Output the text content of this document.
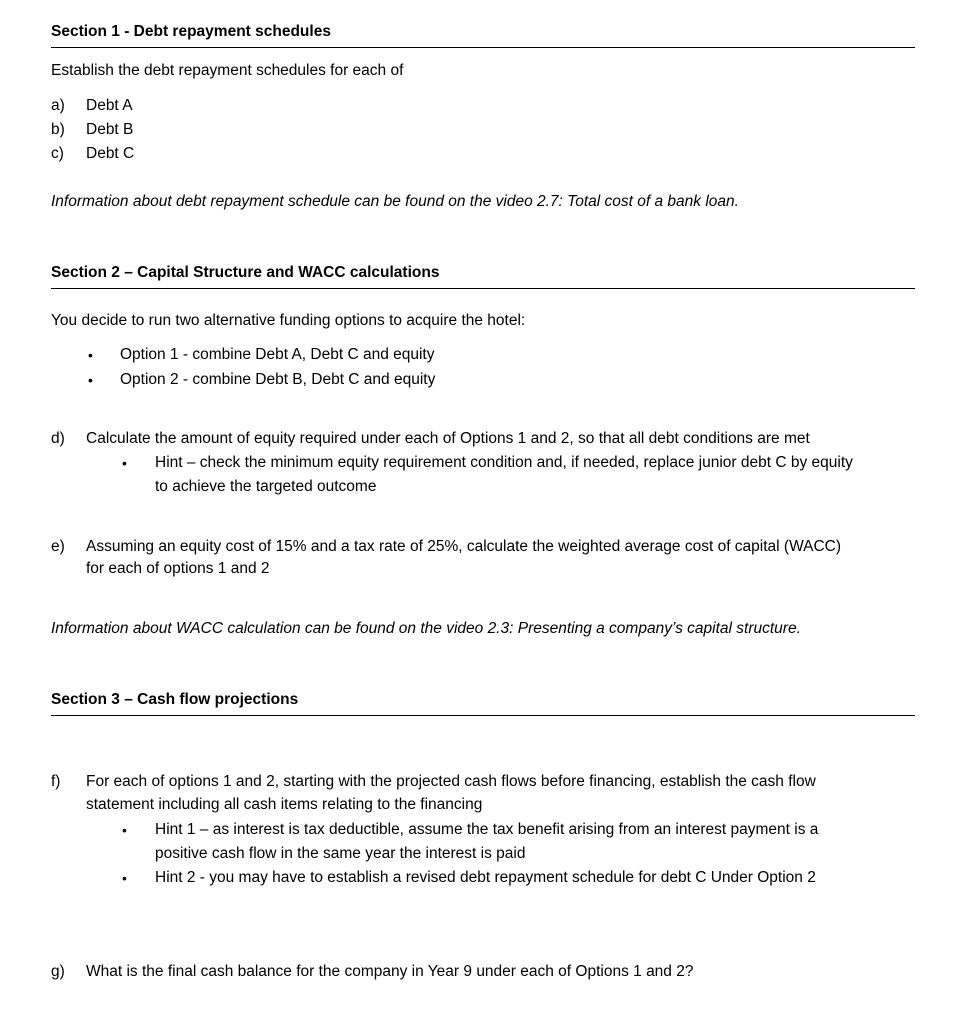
Section 1 - Debt repayment schedules
Establish the debt repayment schedules for each of
a) Debt A
b) Debt B
c) Debt C
Information about debt repayment schedule can be found on the video 2.7: Total cost of a bank loan.
Section 2 – Capital Structure and WACC calculations
You decide to run two alternative funding options to acquire the hotel:
• Option 1 - combine Debt A, Debt C and equity
• Option 2 - combine Debt B, Debt C and equity
d) Calculate the amount of equity required under each of Options 1 and 2, so that all debt conditions are met
• Hint – check the minimum equity requirement condition and, if needed, replace junior debt C by equity
to achieve the targeted outcome
e) Assuming an equity cost of 15% and a tax rate of 25%, calculate the weighted average cost of capital (WACC)
for each of options 1 and 2
Information about WACC calculation can be found on the video 2.3: Presenting a company’s capital structure.
Section 3 – Cash flow projections
f) For each of options 1 and 2, starting with the projected cash flows before financing, establish the cash flow
statement including all cash items relating to the financing
• Hint 1 – as interest is tax deductible, assume the tax benefit arising from an interest payment is a
positive cash flow in the same year the interest is paid
• Hint 2 - you may have to establish a revised debt repayment schedule for debt C Under Option 2
g) What is the final cash balance for the company in Year 9 under each of Options 1 and 2?
